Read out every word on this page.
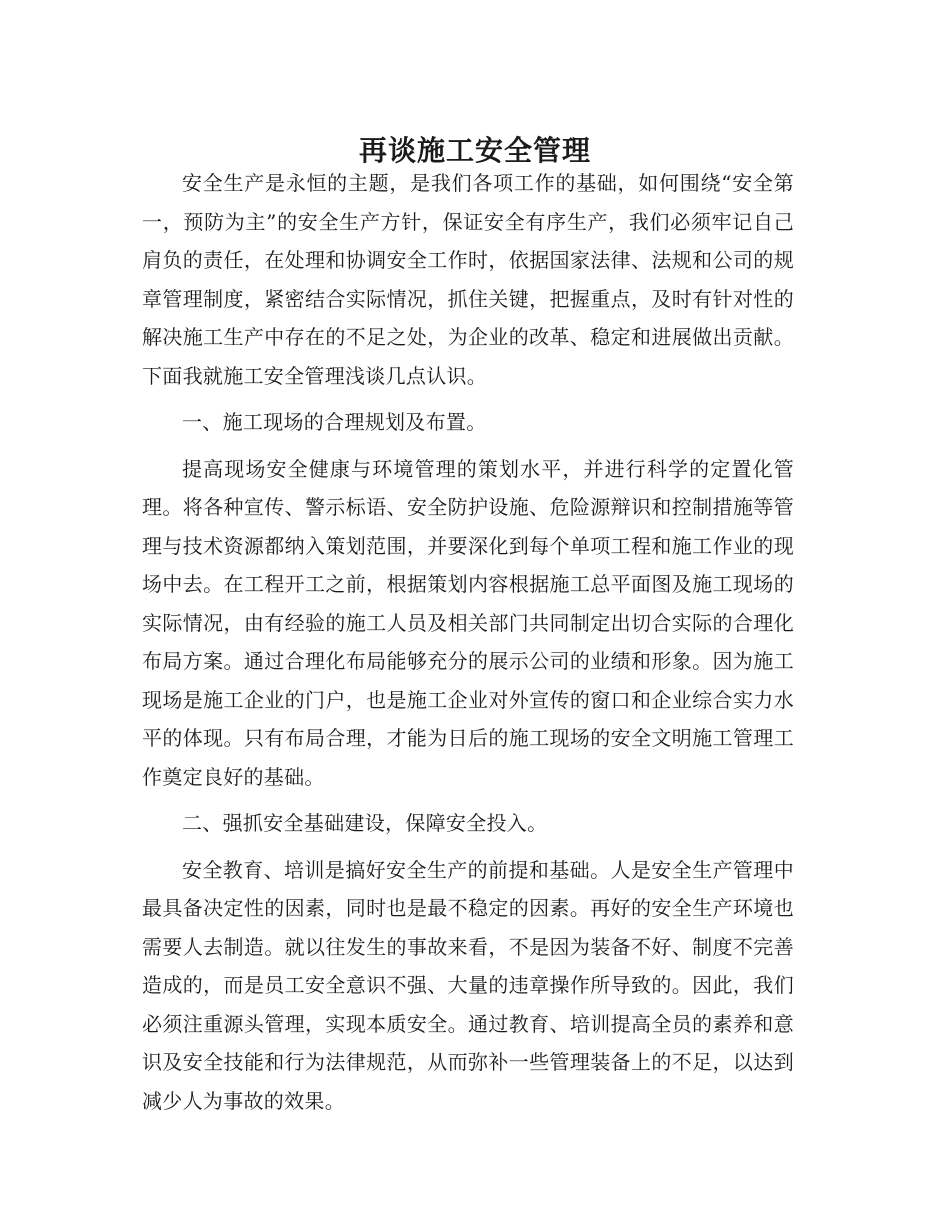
再谈施工安全管理

安全生产是永恒的主题，是我们各项工作的基础，如何围绕“安全第一，预防为主”的安全生产方针，保证安全有序生产，我们必须牢记自己肩负的责任，在处理和协调安全工作时，依据国家法律、法规和公司的规章管理制度，紧密结合实际情况，抓住关键，把握重点，及时有针对性的解决施工生产中存在的不足之处，为企业的改革、稳定和进展做出贡献。下面我就施工安全管理浅谈几点认识。

一、施工现场的合理规划及布置。

提高现场安全健康与环境管理的策划水平，并进行科学的定置化管理。将各种宣传、警示标语、安全防护设施、危险源辩识和控制措施等管理与技术资源都纳入策划范围，并要深化到每个单项工程和施工作业的现场中去。在工程开工之前，根据策划内容根据施工总平面图及施工现场的实际情况，由有经验的施工人员及相关部门共同制定出切合实际的合理化布局方案。通过合理化布局能够充分的展示公司的业绩和形象。因为施工现场是施工企业的门户，也是施工企业对外宣传的窗口和企业综合实力水平的体现。只有布局合理，才能为日后的施工现场的安全文明施工管理工作奠定良好的基础。

二、强抓安全基础建设，保障安全投入。

安全教育、培训是搞好安全生产的前提和基础。人是安全生产管理中最具备决定性的因素，同时也是最不稳定的因素。再好的安全生产环境也需要人去制造。就以往发生的事故来看，不是因为装备不好、制度不完善造成的，而是员工安全意识不强、大量的违章操作所导致的。因此，我们必须注重源头管理，实现本质安全。通过教育、培训提高全员的素养和意识及安全技能和行为法律规范，从而弥补一些管理装备上的不足，以达到减少人为事故的效果。
